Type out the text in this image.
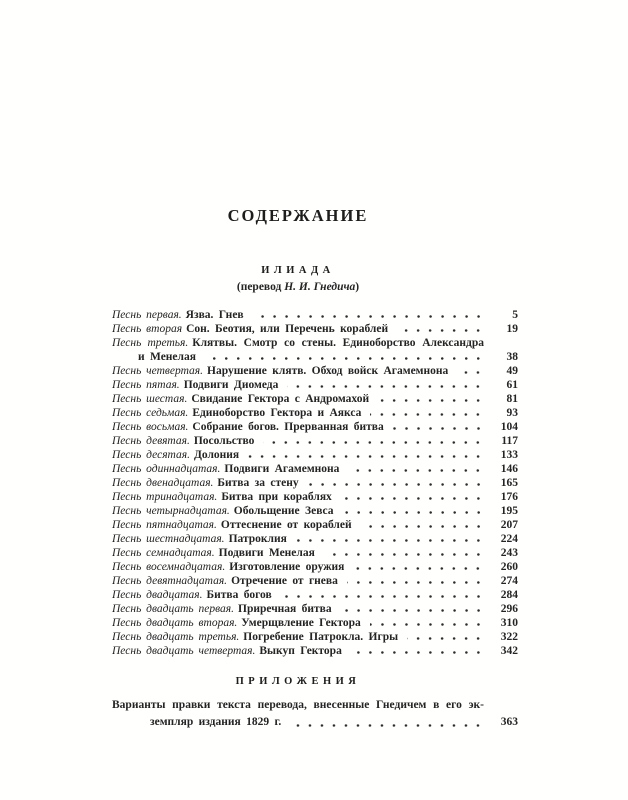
СОДЕРЖАНИЕ
ИЛИАДА
(перевод Н. И. Гнедича)
Песнь первая. Язва. Гнев	5
Песнь вторая Сон. Беотия, или Перечень кораблей	19
Песнь третья. Клятвы. Смотр со стены. Единоборство Александра
и Менелая	38
Песнь четвертая. Нарушение клятв. Обход войск Агамемнона	49
Песнь пятая. Подвиги Диомеда	61
Песнь шестая. Свидание Гектора с Андромахой	81
Песнь седьмая. Единоборство Гектора и Аякса	93
Песнь восьмая. Собрание богов. Прерванная битва	104
Песнь девятая. Посольство	117
Песнь десятая. Долония	133
Песнь одиннадцатая. Подвиги Агамемнона	146
Песнь двенадцатая. Битва за стену	165
Песнь тринадцатая. Битва при кораблях	176
Песнь четырнадцатая. Обольщение Зевса	195
Песнь пятнадцатая. Оттеснение от кораблей	207
Песнь шестнадцатая. Патроклия	224
Песнь семнадцатая. Подвиги Менелая	243
Песнь восемнадцатая. Изготовление оружия	260
Песнь девятнадцатая. Отречение от гнева	274
Песнь двадцатая. Битва богов	284
Песнь двадцать первая. Приречная битва	296
Песнь двадцать вторая. Умерщвление Гектора	310
Песнь двадцать третья. Погребение Патрокла. Игры	322
Песнь двадцать четвертая. Выкуп Гектора	342
ПРИЛОЖЕНИЯ
Варианты правки текста перевода, внесенные Гнедичем в его эк-
земпляр издания 1829 г.	363
